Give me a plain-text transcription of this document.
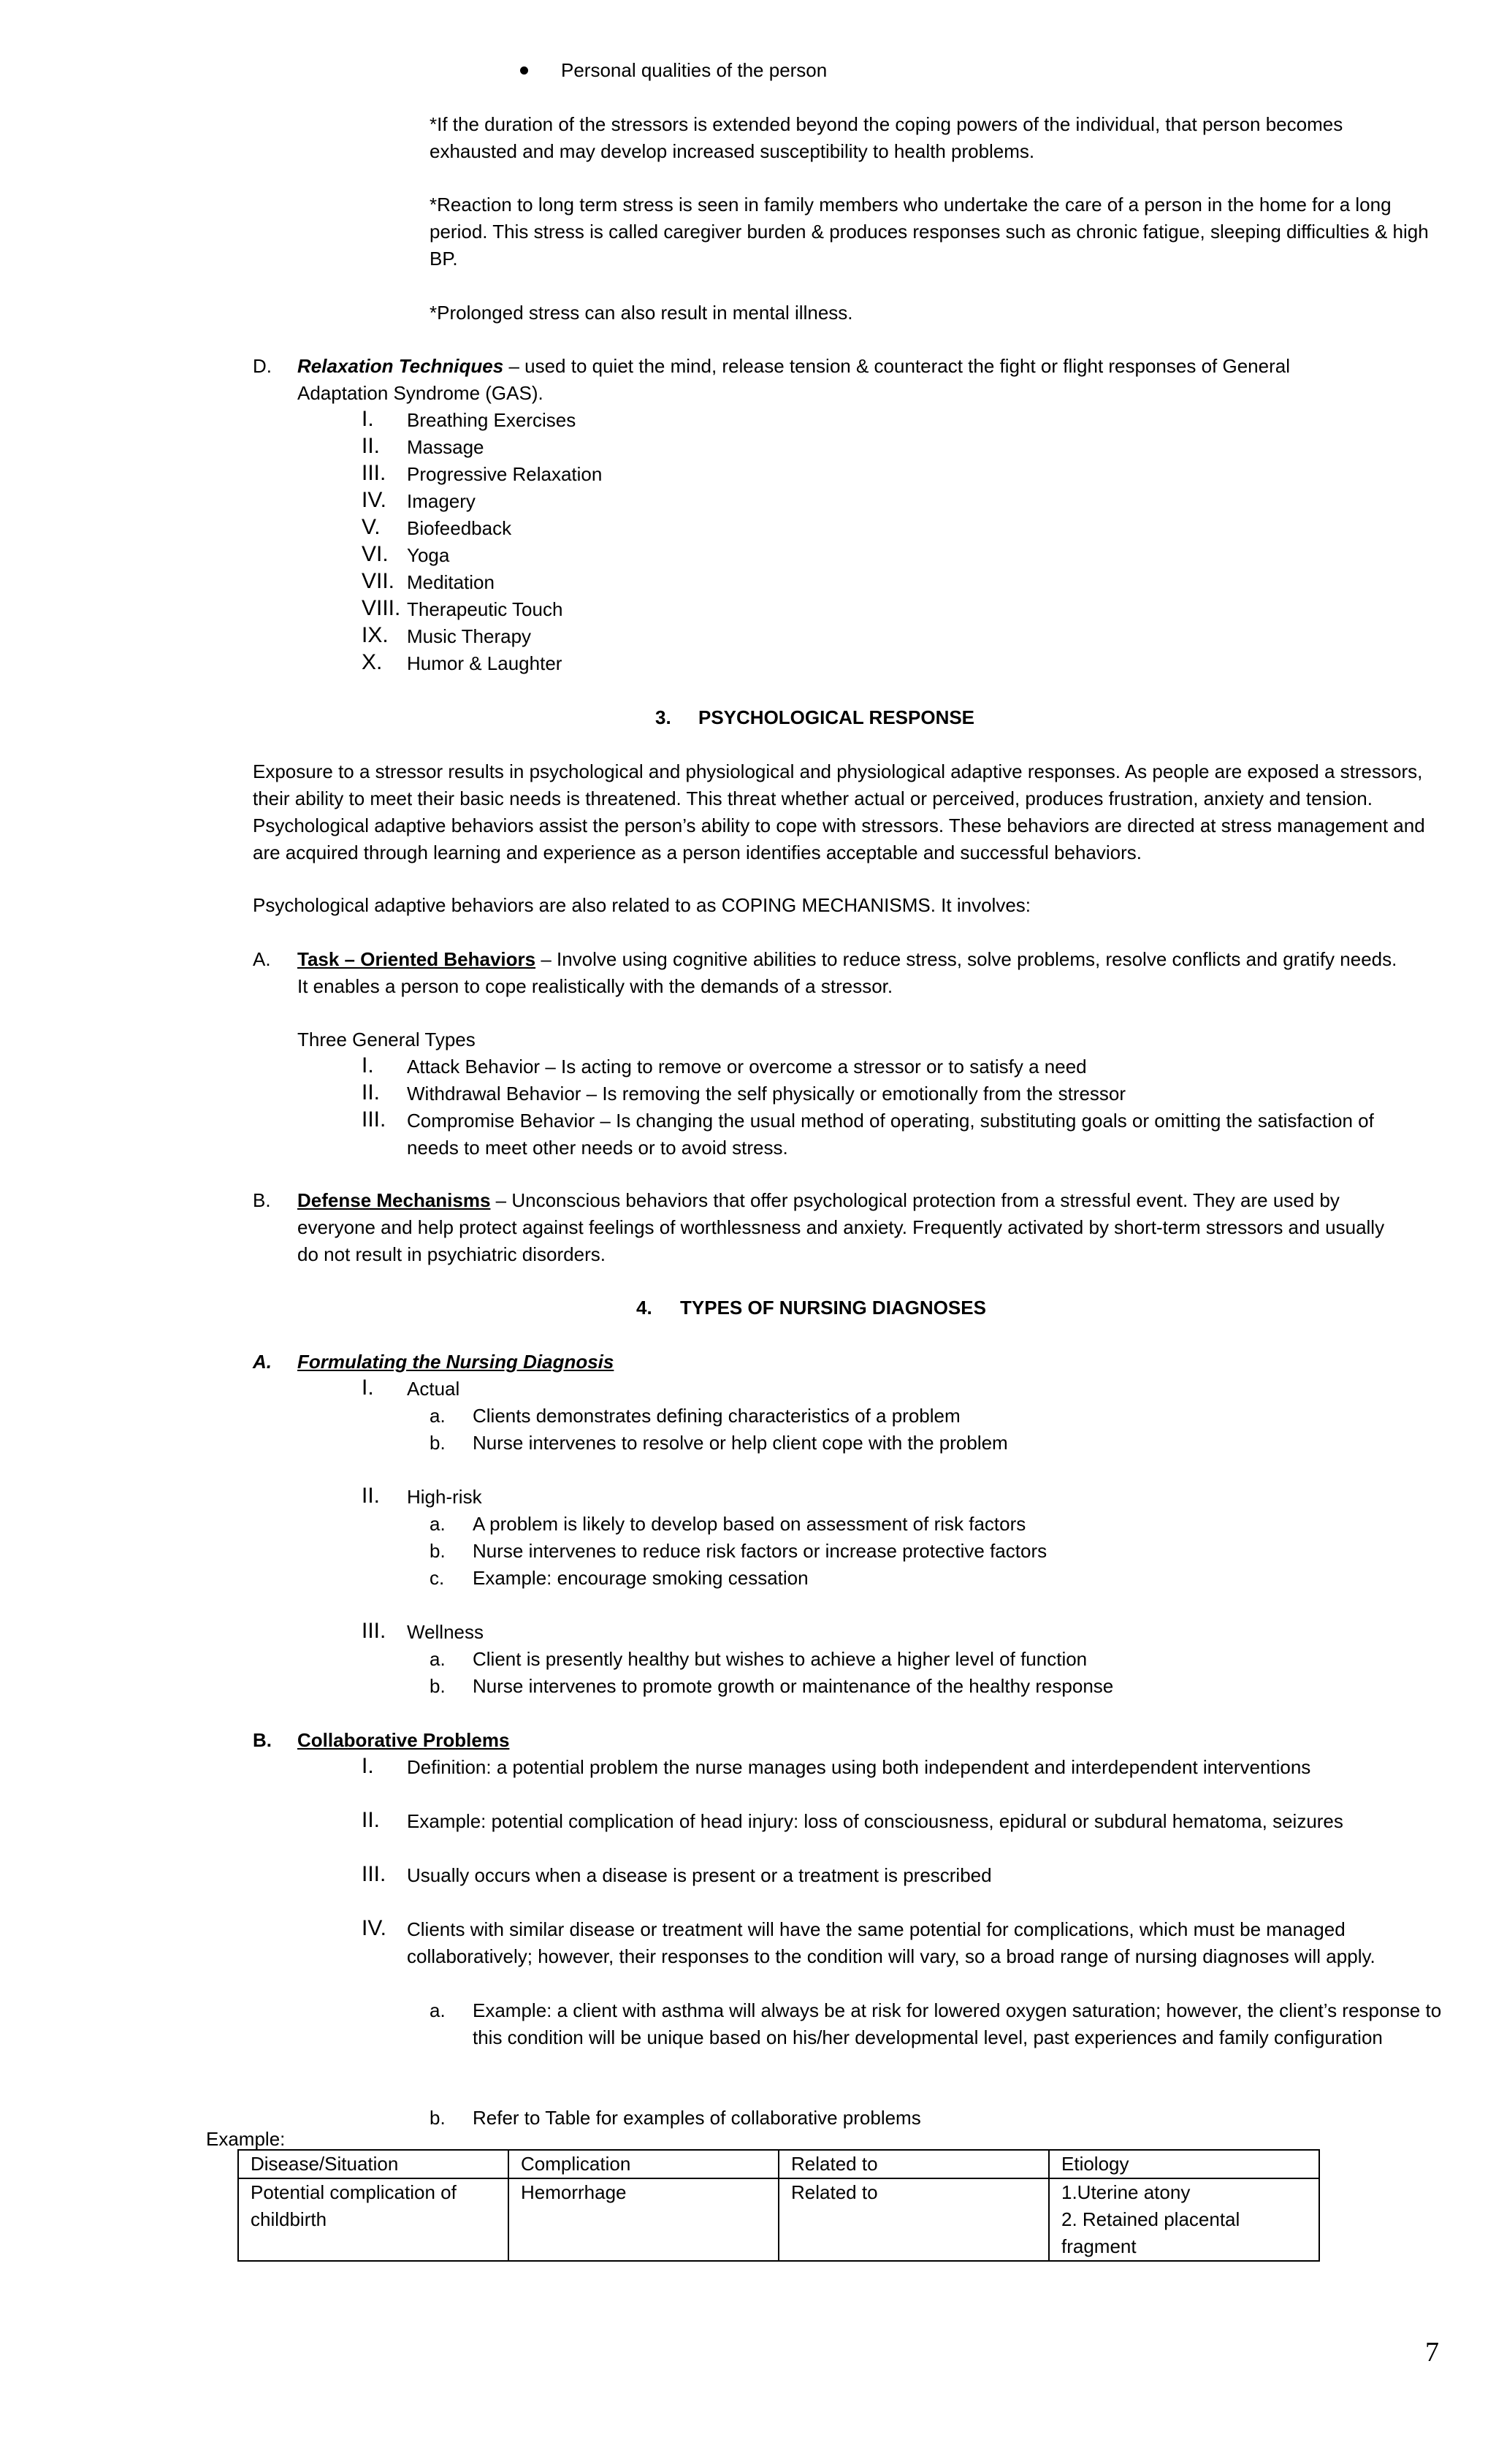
Personal qualities of the person
*If the duration of the stressors is extended beyond the coping powers of the individual, that person becomes exhausted and may develop increased susceptibility to health problems.
*Reaction to long term stress is seen in family members who undertake the care of a person in the home for a long period. This stress is called caregiver burden & produces responses such as chronic fatigue, sleeping difficulties & high BP.
*Prolonged stress can also result in mental illness.
D. Relaxation Techniques – used to quiet the mind, release tension & counteract the fight or flight responses of General Adaptation Syndrome (GAS).
I. Breathing Exercises
II. Massage
III. Progressive Relaxation
IV. Imagery
V. Biofeedback
VI. Yoga
VII. Meditation
VIII. Therapeutic Touch
IX. Music Therapy
X. Humor & Laughter
3. PSYCHOLOGICAL RESPONSE
Exposure to a stressor results in psychological and physiological and physiological adaptive responses. As people are exposed a stressors, their ability to meet their basic needs is threatened. This threat whether actual or perceived, produces frustration, anxiety and tension. Psychological adaptive behaviors assist the person’s ability to cope with stressors. These behaviors are directed at stress management and are acquired through learning and experience as a person identifies acceptable and successful behaviors.
Psychological adaptive behaviors are also related to as COPING MECHANISMS. It involves:
A. Task – Oriented Behaviors – Involve using cognitive abilities to reduce stress, solve problems, resolve conflicts and gratify needs. It enables a person to cope realistically with the demands of a stressor.
Three General Types
I. Attack Behavior – Is acting to remove or overcome a stressor or to satisfy a need
II. Withdrawal Behavior – Is removing the self physically or emotionally from the stressor
III. Compromise Behavior – Is changing the usual method of operating, substituting goals or omitting the satisfaction of needs to meet other needs or to avoid stress.
B. Defense Mechanisms – Unconscious behaviors that offer psychological protection from a stressful event. They are used by everyone and help protect against feelings of worthlessness and anxiety. Frequently activated by short-term stressors and usually do not result in psychiatric disorders.
4. TYPES OF NURSING DIAGNOSES
A. Formulating the Nursing Diagnosis
I. Actual
a. Clients demonstrates defining characteristics of a problem
b. Nurse intervenes to resolve or help client cope with the problem
II. High-risk
a. A problem is likely to develop based on assessment of risk factors
b. Nurse intervenes to reduce risk factors or increase protective factors
c. Example: encourage smoking cessation
III. Wellness
a. Client is presently healthy but wishes to achieve a higher level of function
b. Nurse intervenes to promote growth or maintenance of the healthy response
B. Collaborative Problems
I. Definition: a potential problem the nurse manages using both independent and interdependent interventions
II. Example: potential complication of head injury: loss of consciousness, epidural or subdural hematoma, seizures
III. Usually occurs when a disease is present or a treatment is prescribed
IV. Clients with similar disease or treatment will have the same potential for complications, which must be managed collaboratively; however, their responses to the condition will vary, so a broad range of nursing diagnoses will apply.
a. Example: a client with asthma will always be at risk for lowered oxygen saturation; however, the client’s response to this condition will be unique based on his/her developmental level, past experiences and family configuration
b. Refer to Table for examples of collaborative problems
Example:
Disease/Situation	Complication	Related to	Etiology
Potential complication of childbirth	Hemorrhage	Related to	1.Uterine atony
2. Retained placental fragment
7
